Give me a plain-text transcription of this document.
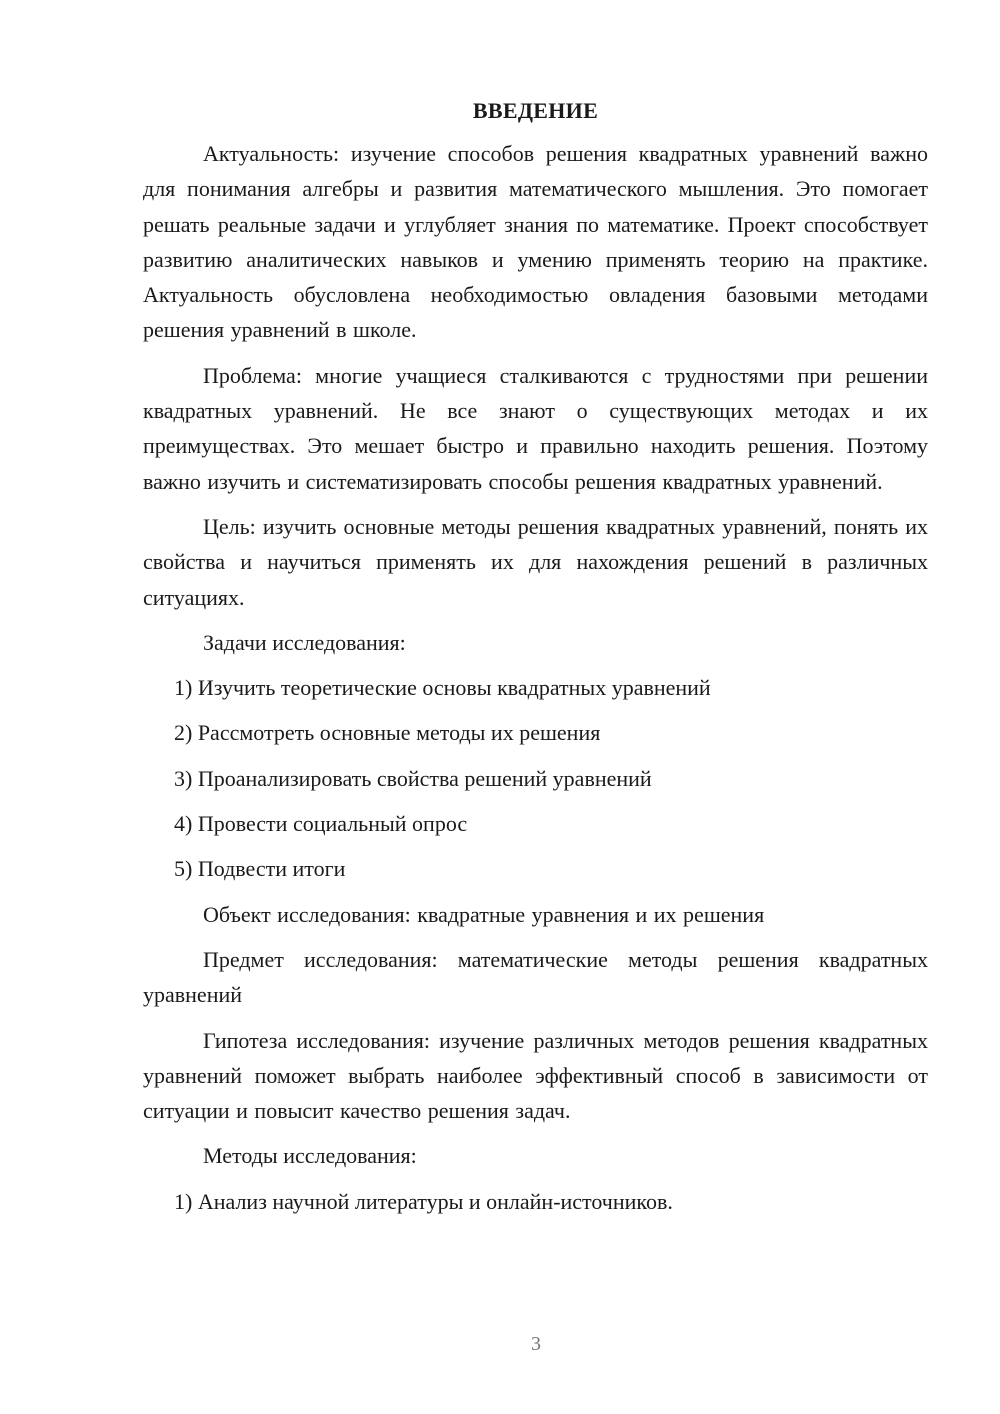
ВВЕДЕНИЕ

Актуальность: изучение способов решения квадратных уравнений важно для понимания алгебры и развития математического мышления. Это помогает решать реальные задачи и углубляет знания по математике. Проект способствует развитию аналитических навыков и умению применять теорию на практике. Актуальность обусловлена необходимостью овладения базовыми методами решения уравнений в школе.

Проблема: многие учащиеся сталкиваются с трудностями при решении квадратных уравнений. Не все знают о существующих методах и их преимуществах. Это мешает быстро и правильно находить решения. Поэтому важно изучить и систематизировать способы решения квадратных уравнений.

Цель: изучить основные методы решения квадратных уравнений, понять их свойства и научиться применять их для нахождения решений в различных ситуациях.

Задачи исследования:

1) Изучить теоретические основы квадратных уравнений
2) Рассмотреть основные методы их решения
3) Проанализировать свойства решений уравнений
4) Провести социальный опрос
5) Подвести итоги

Объект исследования: квадратные уравнения и их решения

Предмет исследования: математические методы решения квадратных уравнений

Гипотеза исследования: изучение различных методов решения квадратных уравнений поможет выбрать наиболее эффективный способ в зависимости от ситуации и повысит качество решения задач.

Методы исследования:

1) Анализ научной литературы и онлайн-источников.
3
